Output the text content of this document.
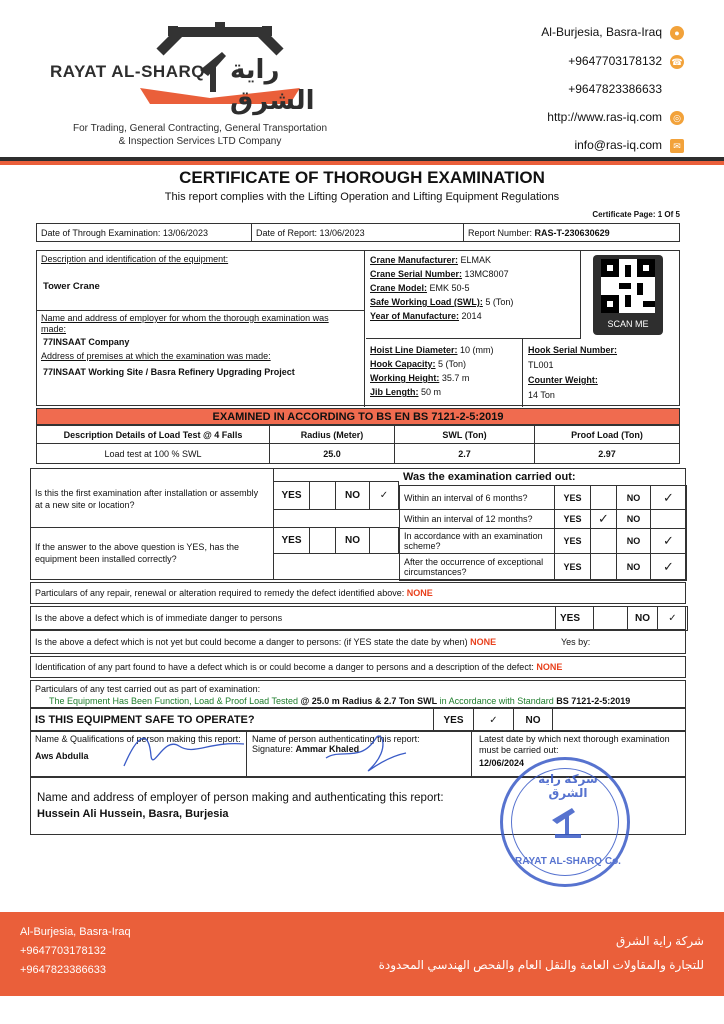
RAYAT AL-SHARQ راية الشرق
For Trading, General Contracting, General Transportation
& Inspection Services LTD Company
Al-Burjesia, Basra-Iraq ●
+9647703178132 ☎
+9647823386633
http://www.ras-iq.com ◎
info@ras-iq.com ✉
CERTIFICATE OF THOROUGH EXAMINATION
This report complies with the Lifting Operation and Lifting Equipment Regulations
Certificate Page: 1 Of 5
Date of Through Examination: 13/06/2023	Date of Report: 13/06/2023	Report Number: RAS-T-230630629
Description and identification of the equipment:
Tower Crane
Name and address of employer for whom the thorough examination was made:
77INSAAT Company
Address of premises at which the examination was made:
77INSAAT Working Site / Basra Refinery Upgrading Project
Crane Manufacturer: ELMAK
Crane Serial Number: 13MC8007
Crane Model: EMK 50-5
Safe Working Load (SWL): 5 (Ton)
Year of Manufacture: 2014
SCAN ME
Hoist Line Diameter: 10 (mm)
Hook Capacity: 5 (Ton)
Working Height: 35.7 m
Jib Length: 50 m
Hook Serial Number:
TL001
Counter Weight:
14 Ton
EXAMINED IN ACCORDING TO BS EN BS 7121-2-5:2019
Description Details of Load Test @ 4 Falls	Radius (Meter)	SWL (Ton)	Proof Load (Ton)
Load test at 100 % SWL	25.0	2.7	2.97
Is this the first examination after installation or assembly at a new site or location?
If the answer to the above question is YES, has the equipment been installed correctly?
YES		NO	✓
YES		NO	
Was the examination carried out:
Within an interval of 6 months?	YES		NO	✓
Within an interval of 12 months?	YES	✓	NO	
In accordance with an examination scheme?	YES		NO	✓
After the occurrence of exceptional circumstances?	YES		NO	✓
Particulars of any repair, renewal or alteration required to remedy the defect identified above: NONE
Is the above a defect which is of immediate danger to persons	YES		NO	✓
Is the above a defect which is not yet but could become a danger to persons: (if YES state the date by when) NONE	Yes by:
Identification of any part found to have a defect which is or could become a danger to persons and a description of the defect: NONE
Particulars of any test carried out as part of examination:
The Equipment Has Been Function, Load & Proof Load Tested @ 25.0 m Radius & 2.7 Ton SWL in Accordance with Standard BS 7121-2-5:2019
IS THIS EQUIPMENT SAFE TO OPERATE?	YES	✓	NO
Name & Qualifications of person making this report:
Aws Abdulla
Name of person authenticating this report:
Signature: Ammar Khaled
Latest date by which next thorough examination must be carried out:
12/06/2024
Name and address of employer of person making and authenticating this report:
Hussein Ali Hussein, Basra, Burjesia
شركة راية الشرق
RAYAT AL-SHARQ Co.
Al-Burjesia, Basra-Iraq
+9647703178132
+9647823386633
شركة راية الشرق
للتجارة والمقاولات العامة والنقل العام والفحص الهندسي المحدودة
